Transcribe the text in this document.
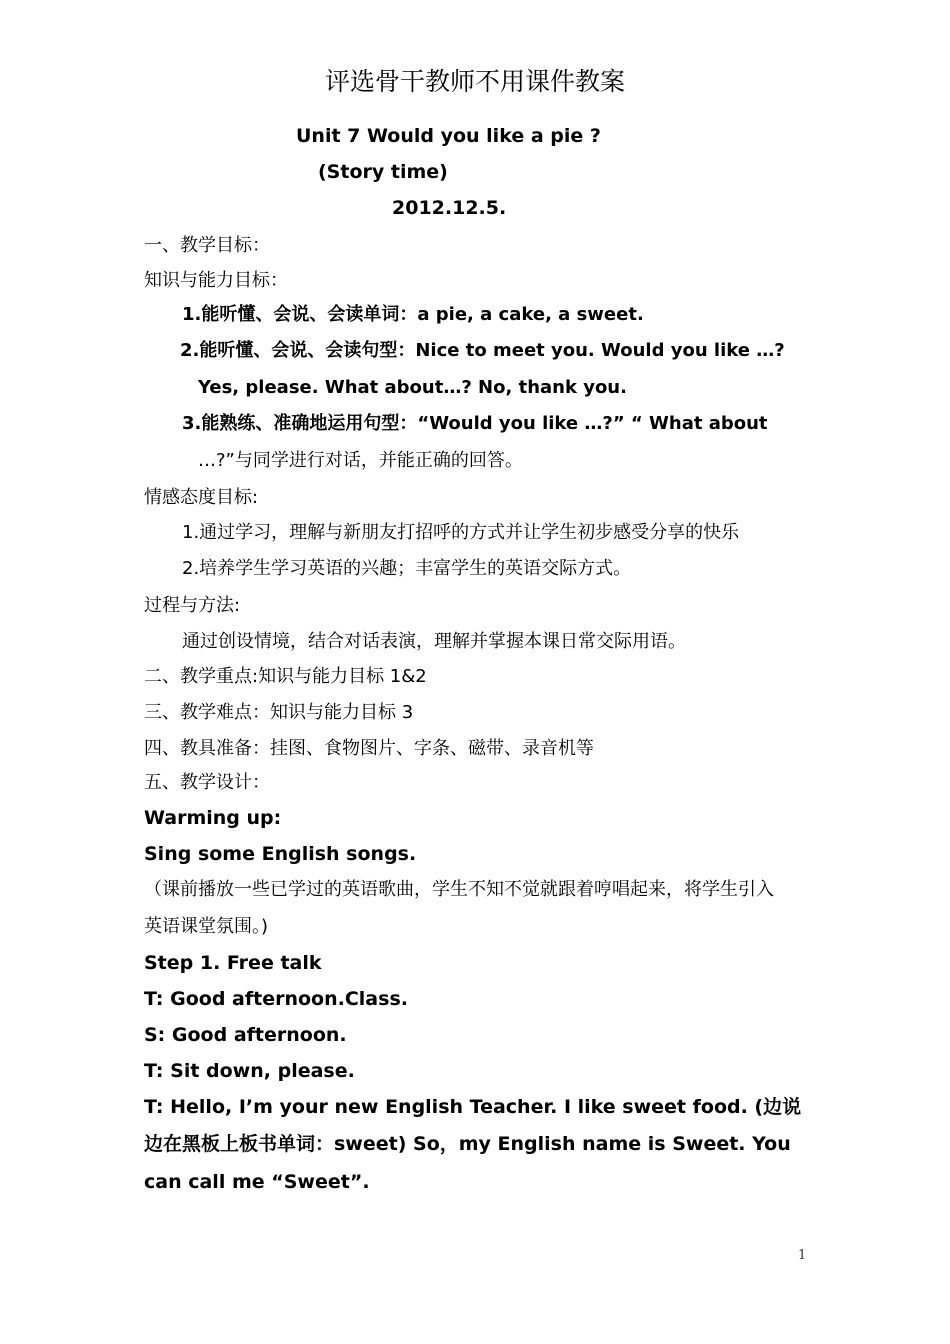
评选骨干教师不用课件教案
Unit 7 Would you like a pie ?
(Story time)
2012.12.5.
一、教学目标：
知识与能力目标：
1.能听懂、会说、会读单词：a pie, a cake, a sweet.
2.能听懂、会说、会读句型：Nice to meet you. Would you like …?
Yes, please. What about…? No, thank you.
3.能熟练、准确地运用句型：“Would you like …?” “ What about
…?”与同学进行对话，并能正确的回答。
情感态度目标:
1.通过学习，理解与新朋友打招呼的方式并让学生初步感受分享的快乐
2.培养学生学习英语的兴趣；丰富学生的英语交际方式。
过程与方法:
通过创设情境，结合对话表演，理解并掌握本课日常交际用语。
二、教学重点:知识与能力目标 1&2
三、教学难点：知识与能力目标 3
四、教具准备：挂图、食物图片、字条、磁带、录音机等
五、教学设计：
Warming up:
Sing some English songs.
（课前播放一些已学过的英语歌曲，学生不知不觉就跟着哼唱起来，将学生引入
英语课堂氛围。)
Step 1. Free talk
T: Good afternoon.Class.
S: Good afternoon.
T: Sit down, please.
T: Hello, I’m your new English Teacher. I like sweet food. (边说
边在黑板上板书单词：sweet) So，my English name is Sweet. You
can call me “Sweet”.
1
